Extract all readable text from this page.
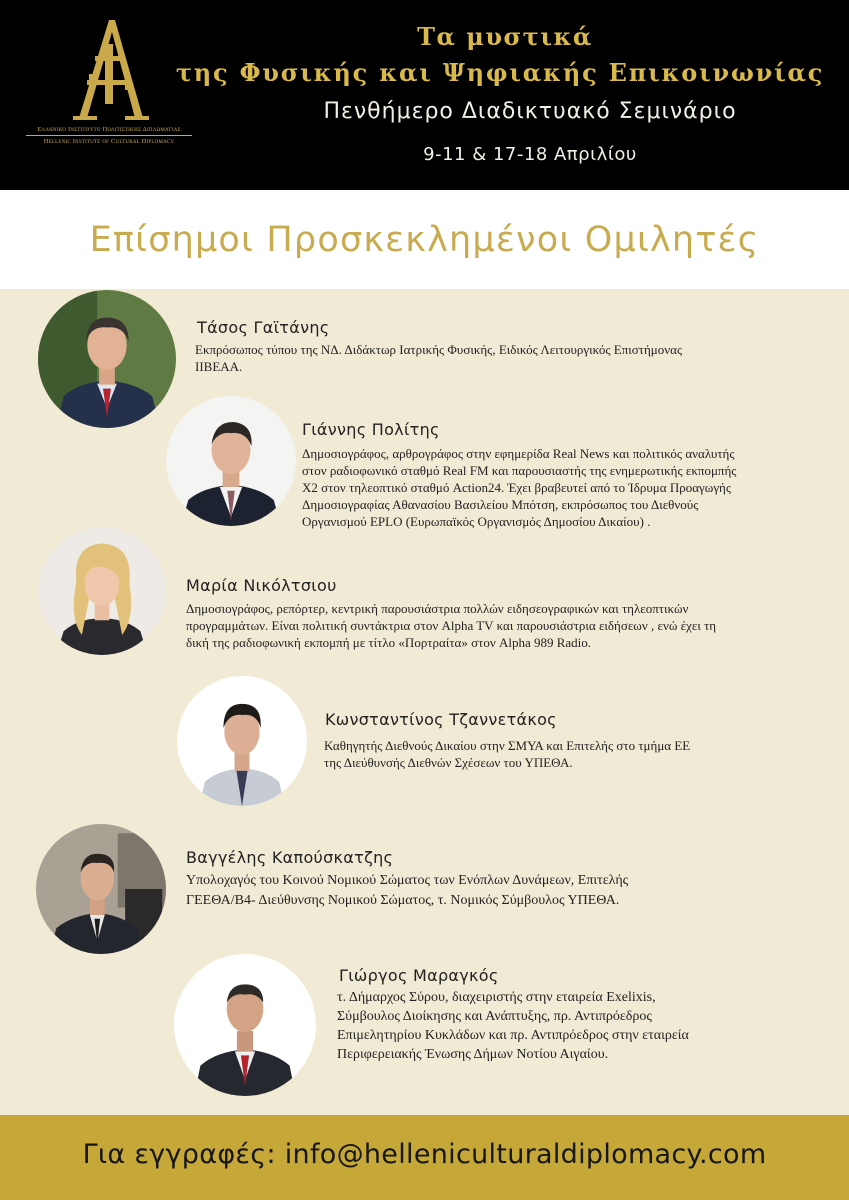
Ελληνικό Ινστιτούτο Πολιτιστικής Διπλωματίας
Hellenic Institute of Cultural Diplomacy
Τα μυστικά
της Φυσικής και Ψηφιακής Επικοινωνίας
Πενθήμερο Διαδικτυακό Σεμινάριο
9-11 & 17-18 Απριλίου
Επίσημοι Προσκεκλημένοι Ομιλητές
Τάσος Γαϊτάνης
Εκπρόσωπος τύπου της ΝΔ. Διδάκτωρ Ιατρικής Φυσικής, Ειδικός Λειτουργικός Επιστήμονας
ΙΙΒΕΑΑ.
Γιάννης Πολίτης
Δημοσιογράφος, αρθρογράφος στην εφημερίδα Real News και πολιτικός αναλυτής
στον ραδιοφωνικό σταθμό Real FM και παρουσιαστής της ενημερωτικής εκπομπής
Χ2 στον τηλεοπτικό σταθμό Action24. Έχει βραβευτεί από το Ίδρυμα Προαγωγής
Δημοσιογραφίας Αθανασίου Βασιλείου Μπότση, εκπρόσωπος του Διεθνούς
Οργανισμού EPLO (Ευρωπαϊκός Οργανισμός Δημοσίου Δικαίου) .
Μαρία Νικόλτσιου
Δημοσιογράφος, ρεπόρτερ, κεντρική παρουσιάστρια πολλών ειδησεογραφικών και τηλεοπτικών
προγραμμάτων. Είναι πολιτική συντάκτρια στον Alpha TV και παρουσιάστρια ειδήσεων , ενώ έχει τη
δική της ραδιοφωνική εκπομπή με τίτλο «Πορτραίτα» στον Alpha 989 Radio.
Κωνσταντίνος Τζαννετάκος
Καθηγητής Διεθνούς Δικαίου στην ΣΜΥΑ και Επιτελής στο τμήμα ΕΕ
της Διεύθυνσής Διεθνών Σχέσεων του ΥΠΕΘΑ.
Βαγγέλης Καπούσκατζης
Υπολοχαγός του Κοινού Νομικού Σώματος των Ενόπλων Δυνάμεων, Επιτελής
ΓΕΕΘΑ/Β4- Διεύθυνσης Νομικού Σώματος, τ. Νομικός Σύμβουλος ΥΠΕΘΑ.
Γιώργος Μαραγκός
τ. Δήμαρχος Σύρου, διαχειριστής στην εταιρεία Exelixis,
Σύμβουλος Διοίκησης και Ανάπτυξης, πρ. Αντιπρόεδρος
Επιμελητηρίου Κυκλάδων και πρ. Αντιπρόεδρος στην εταιρεία
Περιφερειακής Ένωσης Δήμων Νοτίου Αιγαίου.
Για εγγραφές: info@helleniculturaldiplomacy.com
